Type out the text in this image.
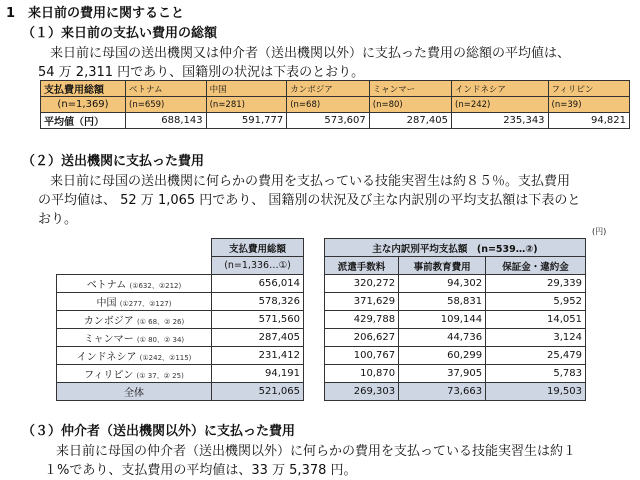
1　来日前の費用に関すること
（１）来日前の支払い費用の総額
来日前に母国の送出機関又は仲介者（送出機関以外）に支払った費用の総額の平均値は、
54 万 2,311 円であり、国籍別の状況は下表のとおり。
支払費用総額	ベトナム	中国	カンボジア	ミャンマー	インドネシア	フィリピン
(n=1,369)	(n=659)	(n=281)	(n=68)	(n=80)	(n=242)	(n=39)
平均値（円）	688,143	591,777	573,607	287,405	235,343	94,821
（２）送出機関に支払った費用
来日前に母国の送出機関に何らかの費用を支払っている技能実習生は約８５％。支払費用
の平均値は、 52 万 1,065 円であり、 国籍別の状況及び主な内訳別の平均支払額は下表のと
おり。
(円)
	支払費用総額
	(n=1,336…①)
ベトナム (①632、②212)	656,014
中国 (①277、②127)	578,326
カンボジア (① 68、② 26)	571,560
ミャンマー (① 80、② 34)	287,405
インドネシア (①242、②115)	231,412
フィリピン (① 37、② 25)	94,191
全体	521,065
主な内訳別平均支払額　(n=539…②)		
派遣手数料	事前教育費用	保証金・違約金
320,272	94,302	29,339
371,629	58,831	5,952
429,788	109,144	14,051
206,627	44,736	3,124
100,767	60,299	25,479
10,870	37,905	5,783
269,303	73,663	19,503
（３）仲介者（送出機関以外）に支払った費用
来日前に母国の仲介者（送出機関以外）に何らかの費用を支払っている技能実習生は約１
１%であり、支払費用の平均値は、33 万 5,378 円。
